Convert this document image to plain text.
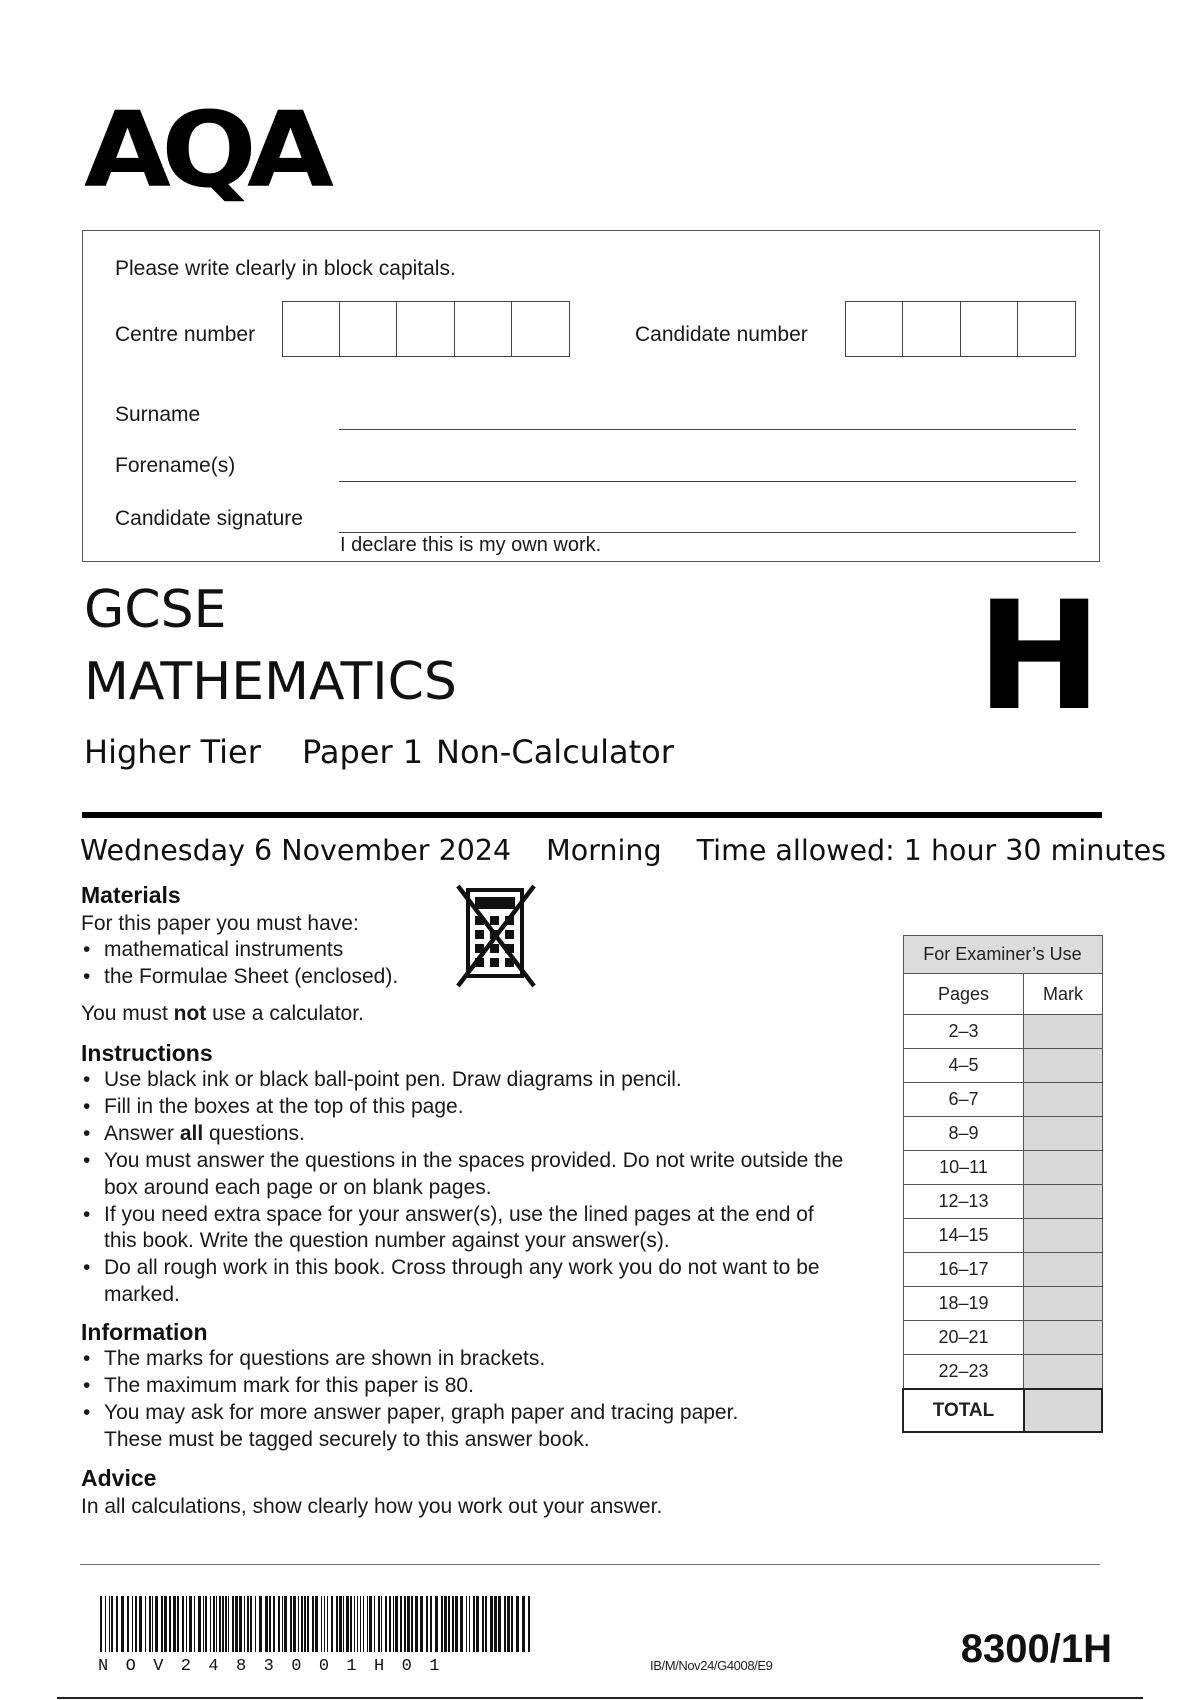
AQA
Please write clearly in block capitals.
Centre number	Candidate number
Surname
Forename(s)
Candidate signature
I declare this is my own work.
GCSE
MATHEMATICS
Higher Tier Paper 1 Non-Calculator
H
Wednesday 6 November 2024 Morning Time allowed: 1 hour 30 minutes
Materials
For this paper you must have:
• mathematical instruments
• the Formulae Sheet (enclosed).
You must not use a calculator.
Instructions
• Use black ink or black ball-point pen. Draw diagrams in pencil.
• Fill in the boxes at the top of this page.
• Answer all questions.
• You must answer the questions in the spaces provided. Do not write outside the box around each page or on blank pages.
• If you need extra space for your answer(s), use the lined pages at the end of this book. Write the question number against your answer(s).
• Do all rough work in this book. Cross through any work you do not want to be marked.
Information
• The marks for questions are shown in brackets.
• The maximum mark for this paper is 80.
• You may ask for more answer paper, graph paper and tracing paper. These must be tagged securely to this answer book.
Advice
In all calculations, show clearly how you work out your answer.
For Examiner’s Use	
Pages	Mark
2–3	
4–5	
6–7	
8–9	
10–11	
12–13	
14–15	
16–17	
18–19	
20–21	
22–23	
TOTAL	
NOV2483001H01	IB/M/Nov24/G4008/E9	8300/1H
